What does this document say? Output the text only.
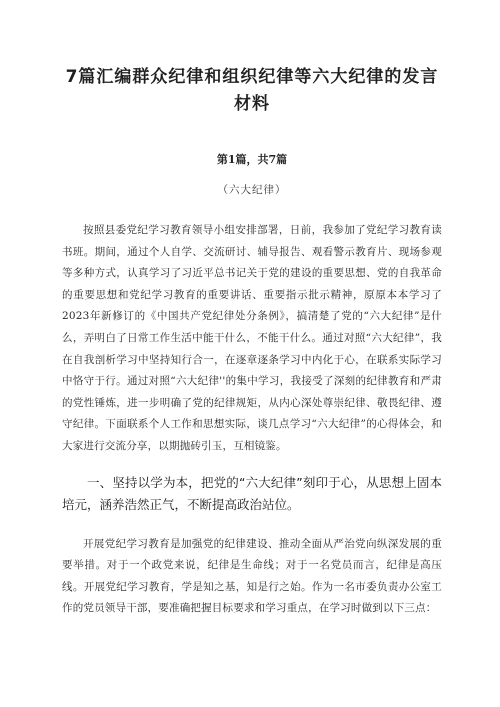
7篇汇编群众纪律和组织纪律等六大纪律的发言材料
第1篇，共7篇
（六大纪律）

按照县委党纪学习教育领导小组安排部署，日前，我参加了党纪学习教育读书班。期间，通过个人自学、交流研讨、辅导报告、观看警示教育片、现场参观等多种方式，认真学习了习近平总书记关于党的建设的重要思想、党的自我革命的重要思想和党纪学习教育的重要讲话、重要指示批示精神，原原本本学习了2023年新修订的《中国共产党纪律处分条例》，搞清楚了党的“六大纪律”是什么，弄明白了日常工作生活中能干什么，不能干什么。通过对照“六大纪律”，我在自我剖析学习中坚持知行合一，在逐章逐条学习中内化于心，在联系实际学习中恪守于行。通过对照“六大纪律''的集中学习，我接受了深刻的纪律教育和严肃的党性锤炼，进一步明确了党的纪律规矩，从内心深处尊崇纪律、敬畏纪律、遵守纪律。下面联系个人工作和思想实际，谈几点学习“六大纪律”的心得体会，和大家进行交流分享，以期抛砖引玉，互相镜鉴。

一、坚持以学为本，把党的“六大纪律”刻印于心，从思想上固本培元，涵养浩然正气，不断提高政治站位。

开展党纪学习教育是加强党的纪律建设、推动全面从严治党向纵深发展的重要举措。对于一个政党来说，纪律是生命线；对于一名党员而言，纪律是高压线。开展党纪学习教育，学是知之基，知是行之始。作为一名市委负责办公室工作的党员领导干部，要准确把握目标要求和学习重点，在学习时做到以下三点：
